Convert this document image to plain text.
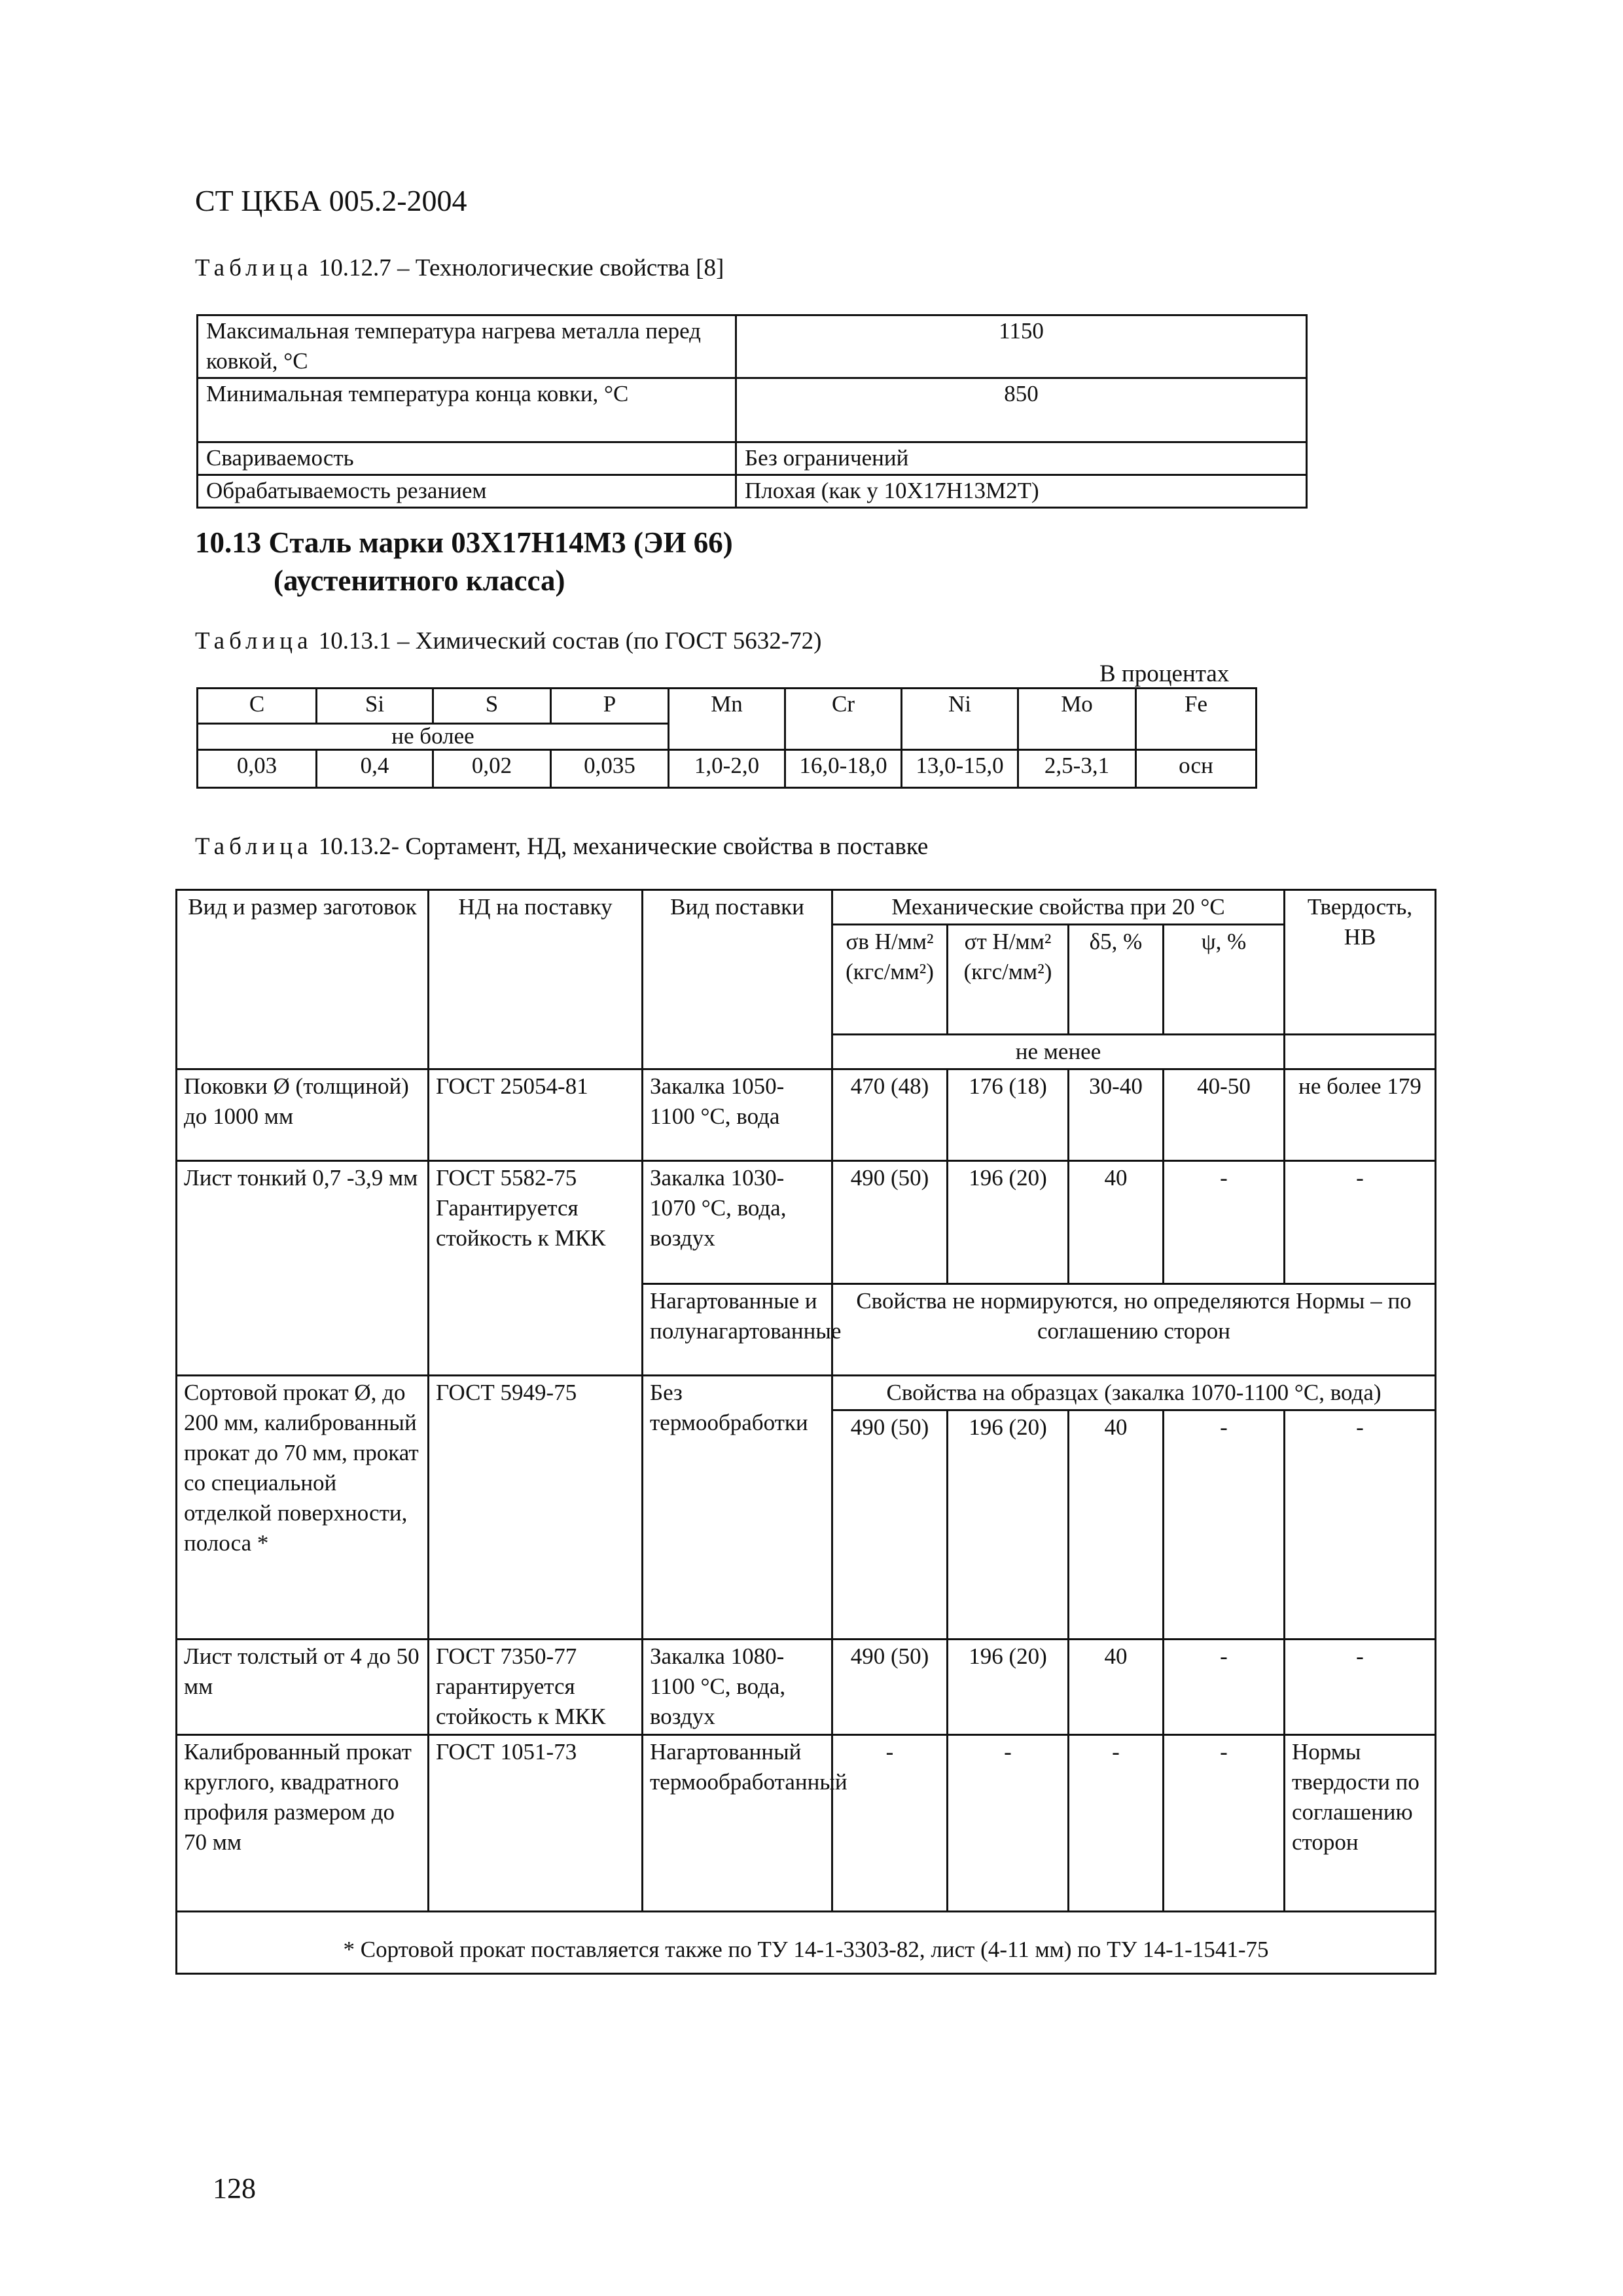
СТ ЦКБА 005.2-2004
Таблица 10.12.7 – Технологические свойства [8]
Максимальная температура нагрева металла перед ковкой, °С	1150
Минимальная температура конца ковки, °С	850
Свариваемость	Без ограничений
Обрабатываемость резанием	Плохая (как у 10Х17Н13М2Т)
10.13 Сталь марки 03Х17Н14М3 (ЭИ 66)
(аустенитного класса)
Таблица 10.13.1 – Химический состав (по ГОСТ 5632-72)
В процентах
C	Si	S	P	Mn	Cr	Ni	Mo	Fe
не более								
0,03	0,4	0,02	0,035	1,0-2,0	16,0-18,0	13,0-15,0	2,5-3,1	осн
Таблица 10.13.2- Сортамент, НД, механические свойства в поставке
Вид и размер заготовок	НД на поставку	Вид поставки	Механические свойства при 20 °С				Твердость, НВ
			σв Н/мм² (кгс/мм²)	σт Н/мм² (кгс/мм²)	δ5, %	ψ, %	
			не менее				
Поковки Ø (толщиной) до 1000 мм	ГОСТ 25054-81	Закалка 1050-1100 °С, вода	470 (48)	176 (18)	30-40	40-50	не более 179
Лист тонкий 0,7 -3,9 мм	ГОСТ 5582-75 Гарантируется стойкость к МКК	Закалка 1030-1070 °С, вода, воздух	490 (50)	196 (20)	40	-	-
		Нагартованные и полунагартованные	Свойства не нормируются, но определяются Нормы – по соглашению сторон				
Сортовой прокат Ø, до 200 мм, калиброванный прокат до 70 мм, прокат со специальной отделкой поверхности, полоса *	ГОСТ 5949-75	Без термообработки	Свойства на образцах (закалка 1070-1100 °С, вода)				
			490 (50)	196 (20)	40	-	-
Лист толстый от 4 до 50 мм	ГОСТ 7350-77 гарантируется стойкость к МКК	Закалка 1080-1100 °С, вода, воздух	490 (50)	196 (20)	40	-	-
Калиброванный прокат круглого, квадратного профиля размером до 70 мм	ГОСТ 1051-73	Нагартованный термообработанный	-	-	-	-	Нормы твердости по соглашению сторон
* Сортовой прокат поставляется также по ТУ 14-1-3303-82, лист (4-11 мм) по ТУ 14-1-1541-75							
128
